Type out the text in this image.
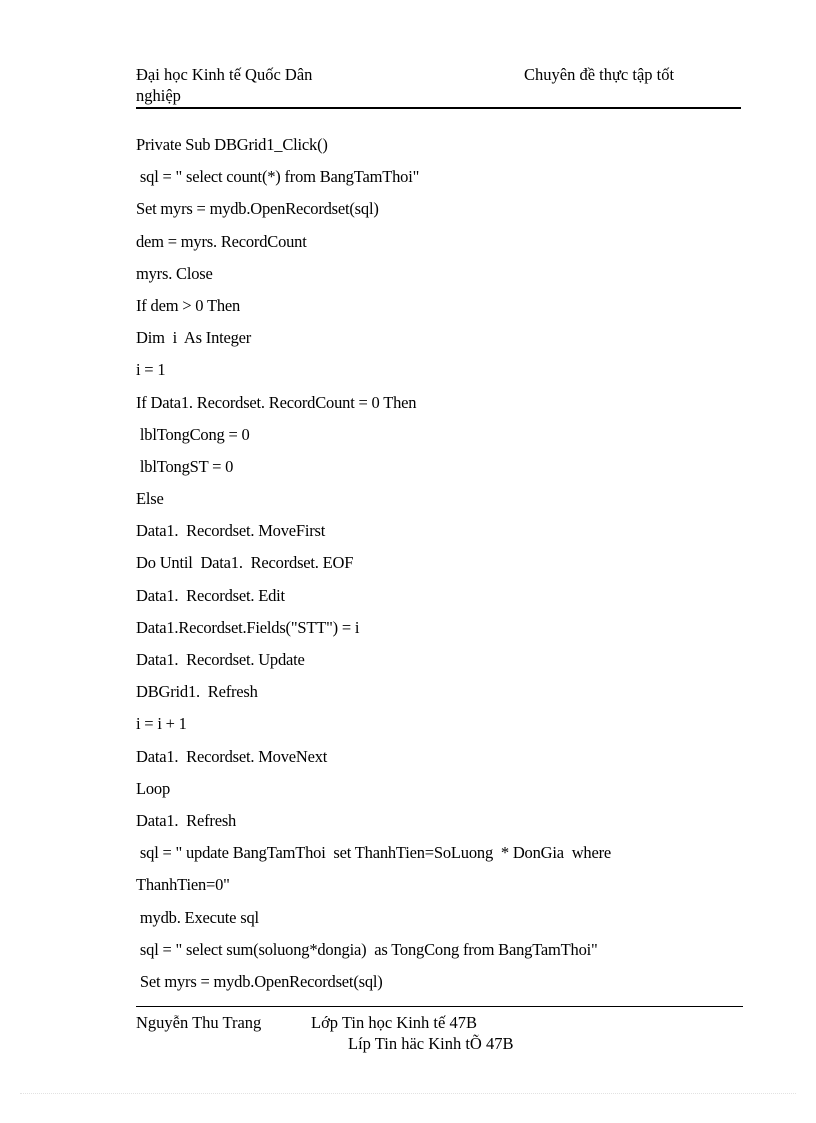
Đại học Kinh tế Quốc Dân	Chuyên đề thực tập tốt
nghiệp
Private Sub DBGrid1_Click()
sql = " select count(*) from BangTamThoi"
Set myrs = mydb.OpenRecordset(sql)
dem = myrs. RecordCount
myrs. Close
If dem > 0 Then
Dim  i  As Integer
i = 1
If Data1. Recordset. RecordCount = 0 Then
lblTongCong = 0
lblTongST = 0
Else
Data1.  Recordset. MoveFirst
Do Until  Data1.  Recordset. EOF
Data1.  Recordset. Edit
Data1.Recordset.Fields("STT") = i
Data1.  Recordset. Update
DBGrid1.  Refresh
i = i + 1
Data1.  Recordset. MoveNext
Loop
Data1.  Refresh
sql = " update BangTamThoi  set ThanhTien=SoLuong  * DonGia  where
ThanhTien=0"
mydb. Execute sql
sql = " select sum(soluong*dongia)  as TongCong from BangTamThoi"
Set myrs = mydb.OpenRecordset(sql)
Nguyễn Thu Trang	Lớp Tin học Kinh tế 47B
Líp Tin häc Kinh tÕ 47B
